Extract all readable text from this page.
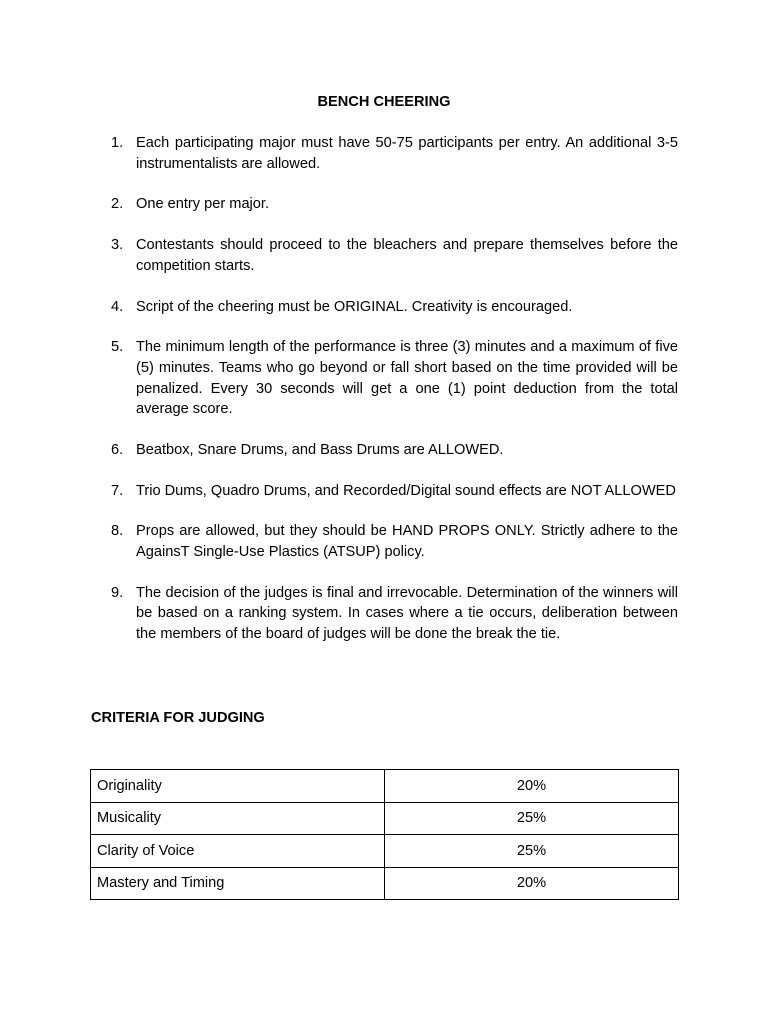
BENCH CHEERING
1. Each participating major must have 50-75 participants per entry. An additional 3-5 instrumentalists are allowed.
2. One entry per major.
3. Contestants should proceed to the bleachers and prepare themselves before the competition starts.
4. Script of the cheering must be ORIGINAL. Creativity is encouraged.
5. The minimum length of the performance is three (3) minutes and a maximum of five (5) minutes. Teams who go beyond or fall short based on the time provided will be penalized. Every 30 seconds will get a one (1) point deduction from the total average score.
6. Beatbox, Snare Drums, and Bass Drums are ALLOWED.
7. Trio Dums, Quadro Drums, and Recorded/Digital sound effects are NOT ALLOWED
8. Props are allowed, but they should be HAND PROPS ONLY. Strictly adhere to the AgainsT Single-Use Plastics (ATSUP) policy.
9. The decision of the judges is final and irrevocable. Determination of the winners will be based on a ranking system. In cases where a tie occurs, deliberation between the members of the board of judges will be done the break the tie.
CRITERIA FOR JUDGING
Originality	20%
Musicality	25%
Clarity of Voice	25%
Mastery and Timing	20%
